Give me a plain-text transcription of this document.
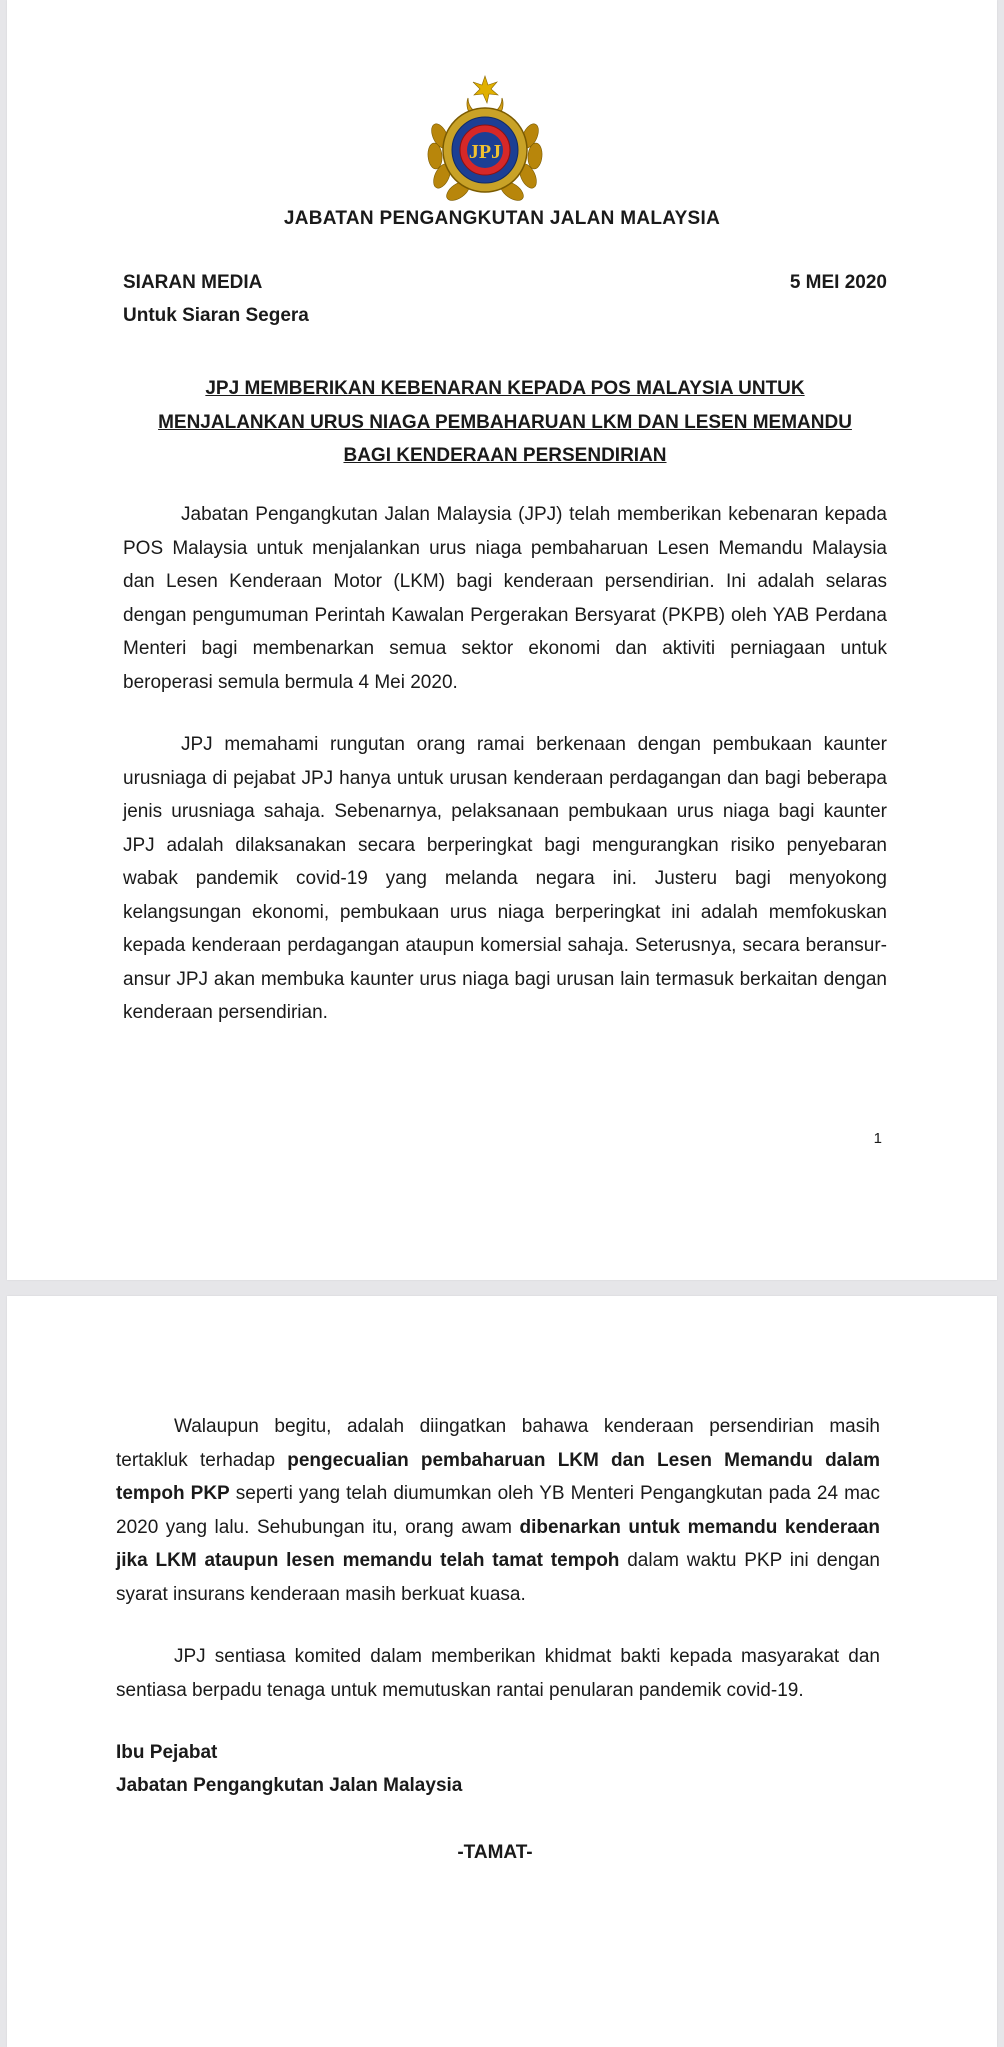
JPJ
JABATAN PENGANGKUTAN JALAN MALAYSIA
SIARAN MEDIA	5 MEI 2020
Untuk Siaran Segera
JPJ MEMBERIKAN KEBENARAN KEPADA POS MALAYSIA UNTUK
MENJALANKAN URUS NIAGA PEMBAHARUAN LKM DAN LESEN MEMANDU
BAGI KENDERAAN PERSENDIRIAN

Jabatan Pengangkutan Jalan Malaysia (JPJ) telah memberikan kebenaran kepada POS Malaysia untuk menjalankan urus niaga pembaharuan Lesen Memandu Malaysia dan Lesen Kenderaan Motor (LKM) bagi kenderaan persendirian. Ini adalah selaras dengan pengumuman Perintah Kawalan Pergerakan Bersyarat (PKPB) oleh YAB Perdana Menteri bagi membenarkan semua sektor ekonomi dan aktiviti perniagaan untuk beroperasi semula bermula 4 Mei 2020.

JPJ memahami rungutan orang ramai berkenaan dengan pembukaan kaunter urusniaga di pejabat JPJ hanya untuk urusan kenderaan perdagangan dan bagi beberapa jenis urusniaga sahaja. Sebenarnya, pelaksanaan pembukaan urus niaga bagi kaunter JPJ adalah dilaksanakan secara berperingkat bagi mengurangkan risiko penyebaran wabak pandemik covid-19 yang melanda negara ini. Justeru bagi menyokong kelangsungan ekonomi, pembukaan urus niaga berperingkat ini adalah memfokuskan kepada kenderaan perdagangan ataupun komersial sahaja. Seterusnya, secara beransur-ansur JPJ akan membuka kaunter urus niaga bagi urusan lain termasuk berkaitan dengan kenderaan persendirian.

1

Walaupun begitu, adalah diingatkan bahawa kenderaan persendirian masih tertakluk terhadap pengecualian pembaharuan LKM dan Lesen Memandu dalam tempoh PKP seperti yang telah diumumkan oleh YB Menteri Pengangkutan pada 24 mac 2020 yang lalu. Sehubungan itu, orang awam dibenarkan untuk memandu kenderaan jika LKM ataupun lesen memandu telah tamat tempoh dalam waktu PKP ini dengan syarat insurans kenderaan masih berkuat kuasa.

JPJ sentiasa komited dalam memberikan khidmat bakti kepada masyarakat dan sentiasa berpadu tenaga untuk memutuskan rantai penularan pandemik covid-19.

Ibu Pejabat
Jabatan Pengangkutan Jalan Malaysia
-TAMAT-
